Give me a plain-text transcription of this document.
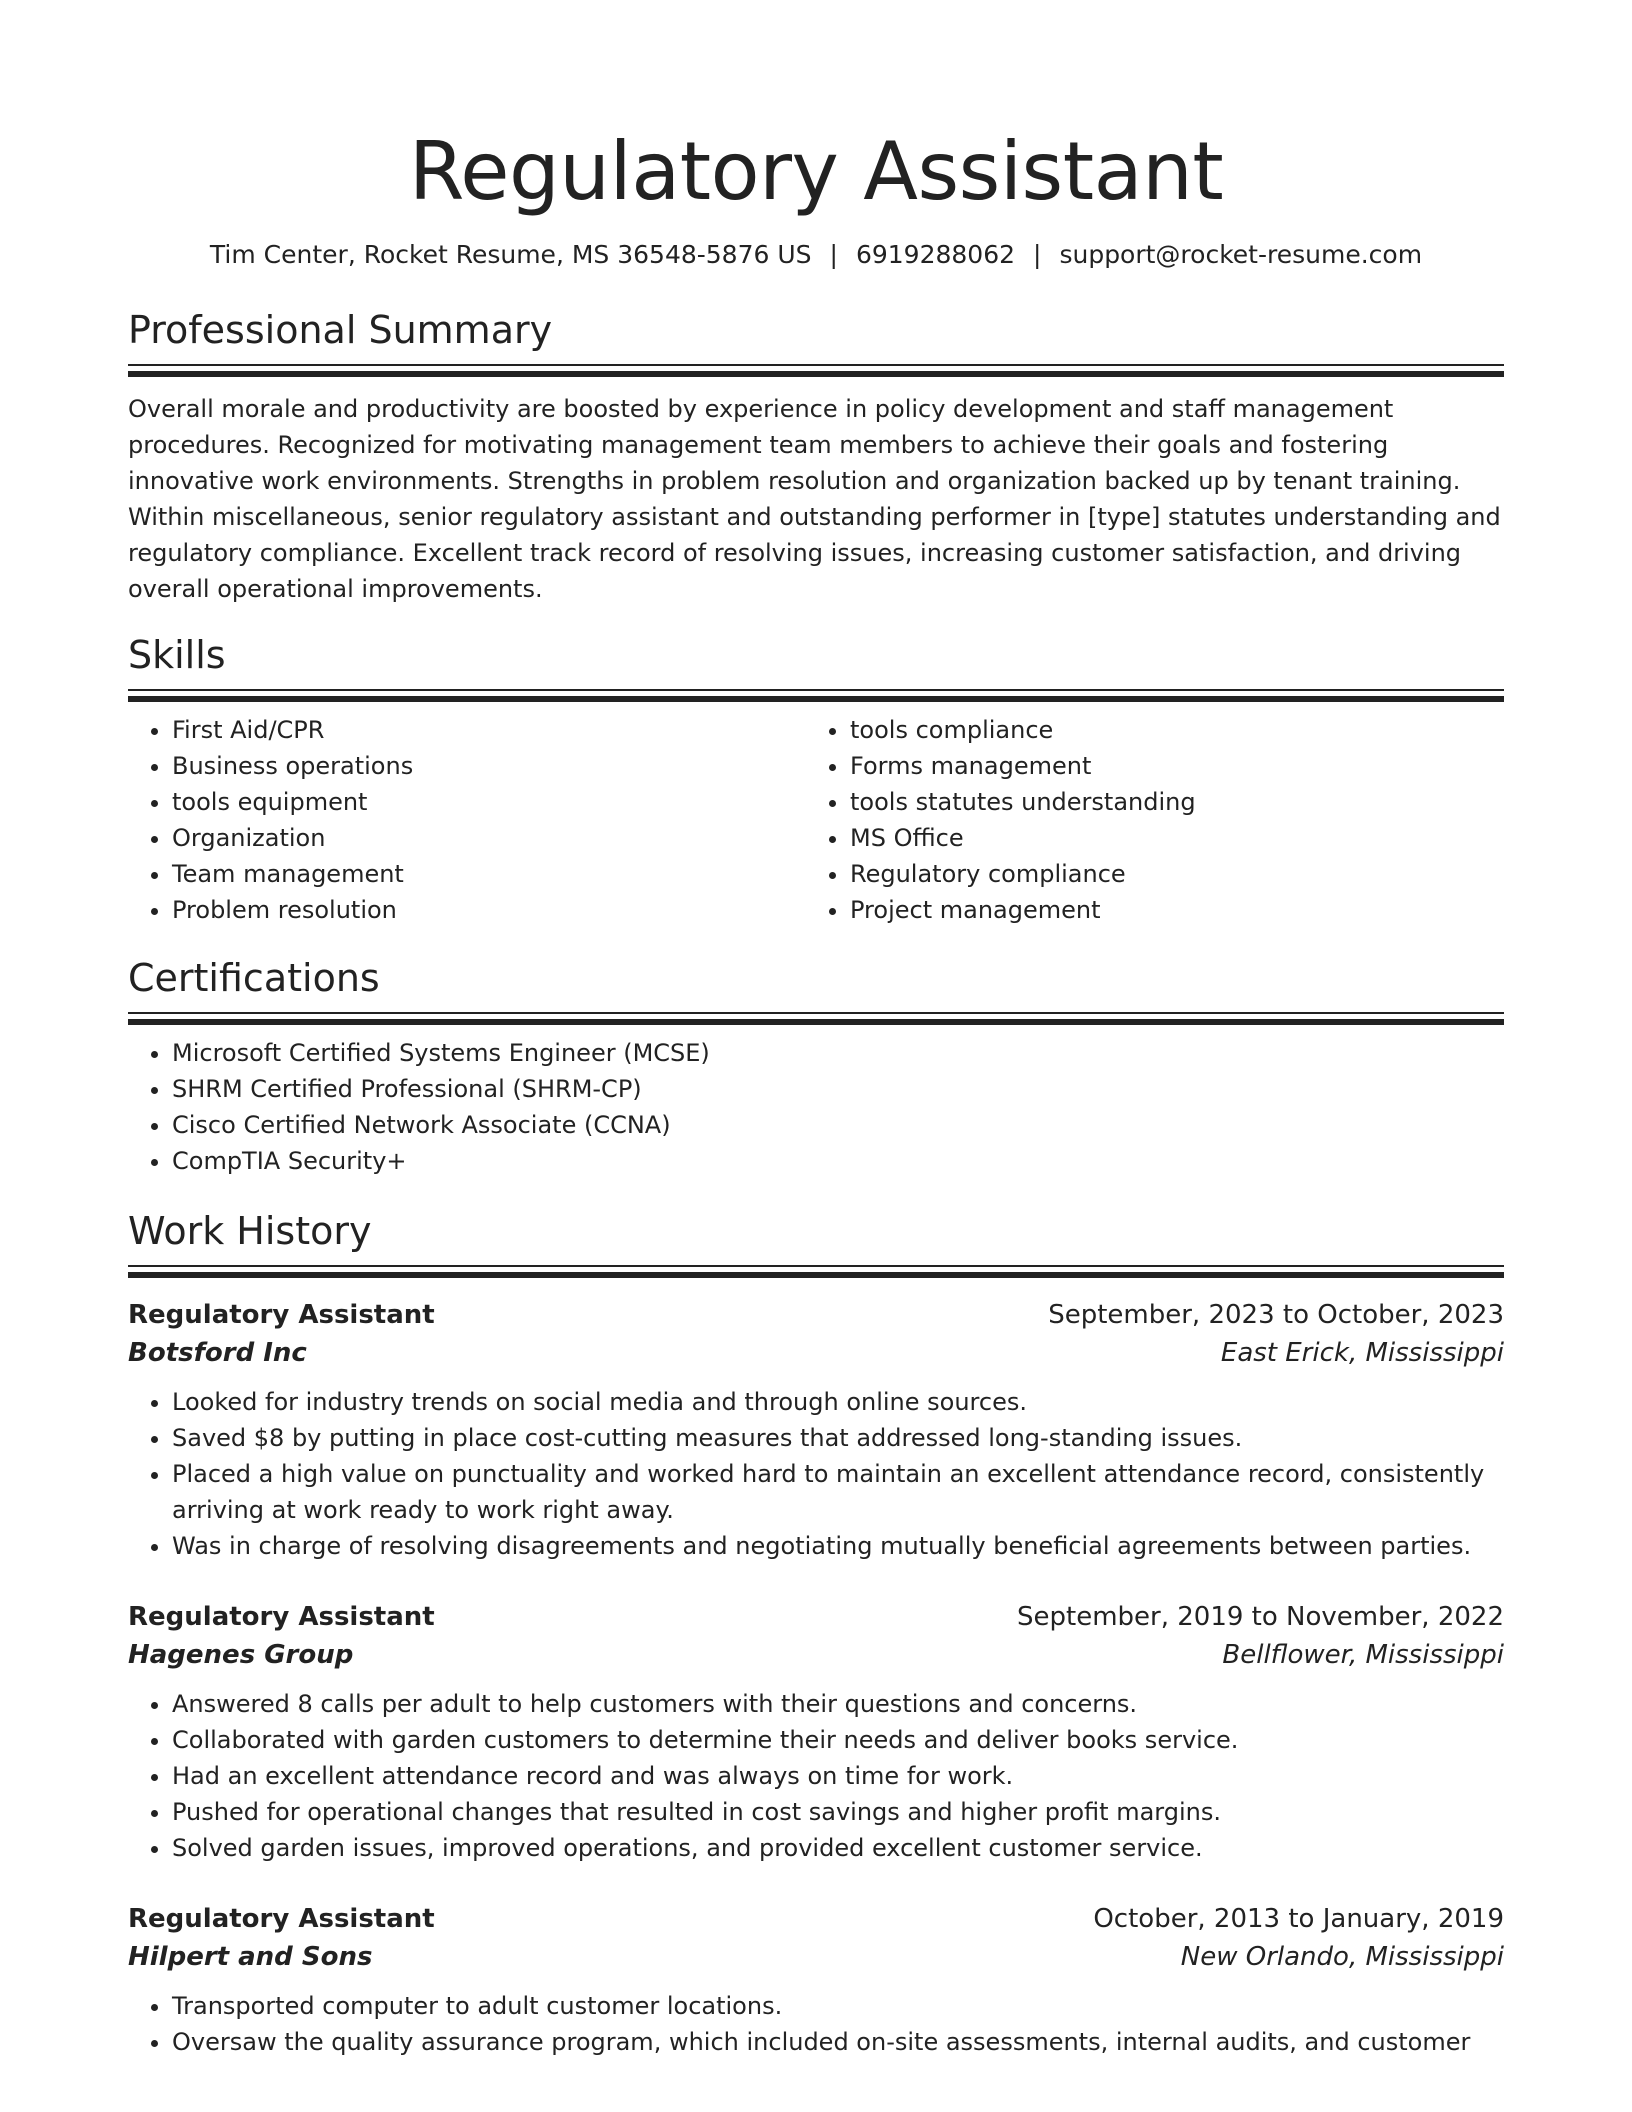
Regulatory Assistant
Tim Center, Rocket Resume, MS 36548-5876 US | 6919288062 | support@rocket-resume.com
Professional Summary
Overall morale and productivity are boosted by experience in policy development and staff management procedures. Recognized for motivating management team members to achieve their goals and fostering innovative work environments. Strengths in problem resolution and organization backed up by tenant training. Within miscellaneous, senior regulatory assistant and outstanding performer in [type] statutes understanding and regulatory compliance. Excellent track record of resolving issues, increasing customer satisfaction, and driving overall operational improvements.
Skills
• First Aid/CPR
• Business operations
• tools equipment
• Organization
• Team management
• Problem resolution
• tools compliance
• Forms management
• tools statutes understanding
• MS Office
• Regulatory compliance
• Project management
Certifications
• Microsoft Certified Systems Engineer (MCSE)
• SHRM Certified Professional (SHRM-CP)
• Cisco Certified Network Associate (CCNA)
• CompTIA Security+
Work History
Regulatory Assistant	September, 2023 to October, 2023
Botsford Inc	East Erick, Mississippi
• Looked for industry trends on social media and through online sources.
• Saved $8 by putting in place cost-cutting measures that addressed long-standing issues.
• Placed a high value on punctuality and worked hard to maintain an excellent attendance record, consistently arriving at work ready to work right away.
• Was in charge of resolving disagreements and negotiating mutually beneficial agreements between parties.
Regulatory Assistant	September, 2019 to November, 2022
Hagenes Group	Bellflower, Mississippi
• Answered 8 calls per adult to help customers with their questions and concerns.
• Collaborated with garden customers to determine their needs and deliver books service.
• Had an excellent attendance record and was always on time for work.
• Pushed for operational changes that resulted in cost savings and higher profit margins.
• Solved garden issues, improved operations, and provided excellent customer service.
Regulatory Assistant	October, 2013 to January, 2019
Hilpert and Sons	New Orlando, Mississippi
• Transported computer to adult customer locations.
• Oversaw the quality assurance program, which included on-site assessments, internal audits, and customer
